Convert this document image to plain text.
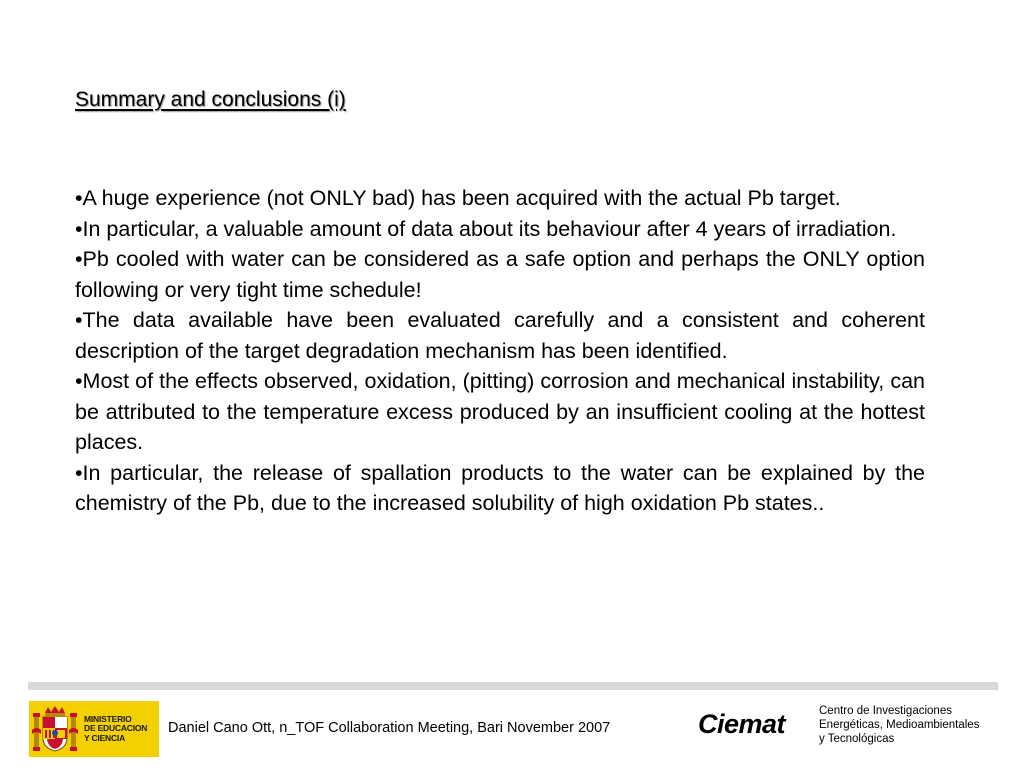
Summary and conclusions (i)
• A huge experience (not ONLY bad) has been acquired with the actual Pb target.
• In particular, a valuable amount of data about its behaviour after 4 years of irradiation.
• Pb cooled with water can be considered as a safe option and perhaps the ONLY option following or very tight time schedule!
• The data available have been evaluated carefully and a consistent and coherent description of the target degradation mechanism has been identified.
• Most of the effects observed, oxidation, (pitting) corrosion and mechanical instability, can be attributed to the temperature excess produced by an insufficient cooling at the hottest places.
• In particular, the release of spallation products to the water can be explained by the chemistry of the Pb, due to the increased solubility of high oxidation Pb states..
MINISTERIO
DE EDUCACION
Y CIENCIA
Daniel Cano Ott, n_TOF Collaboration Meeting, Bari November 2007	Ciemat	Centro de Investigaciones
Energéticas, Medioambientales
y Tecnológicas
